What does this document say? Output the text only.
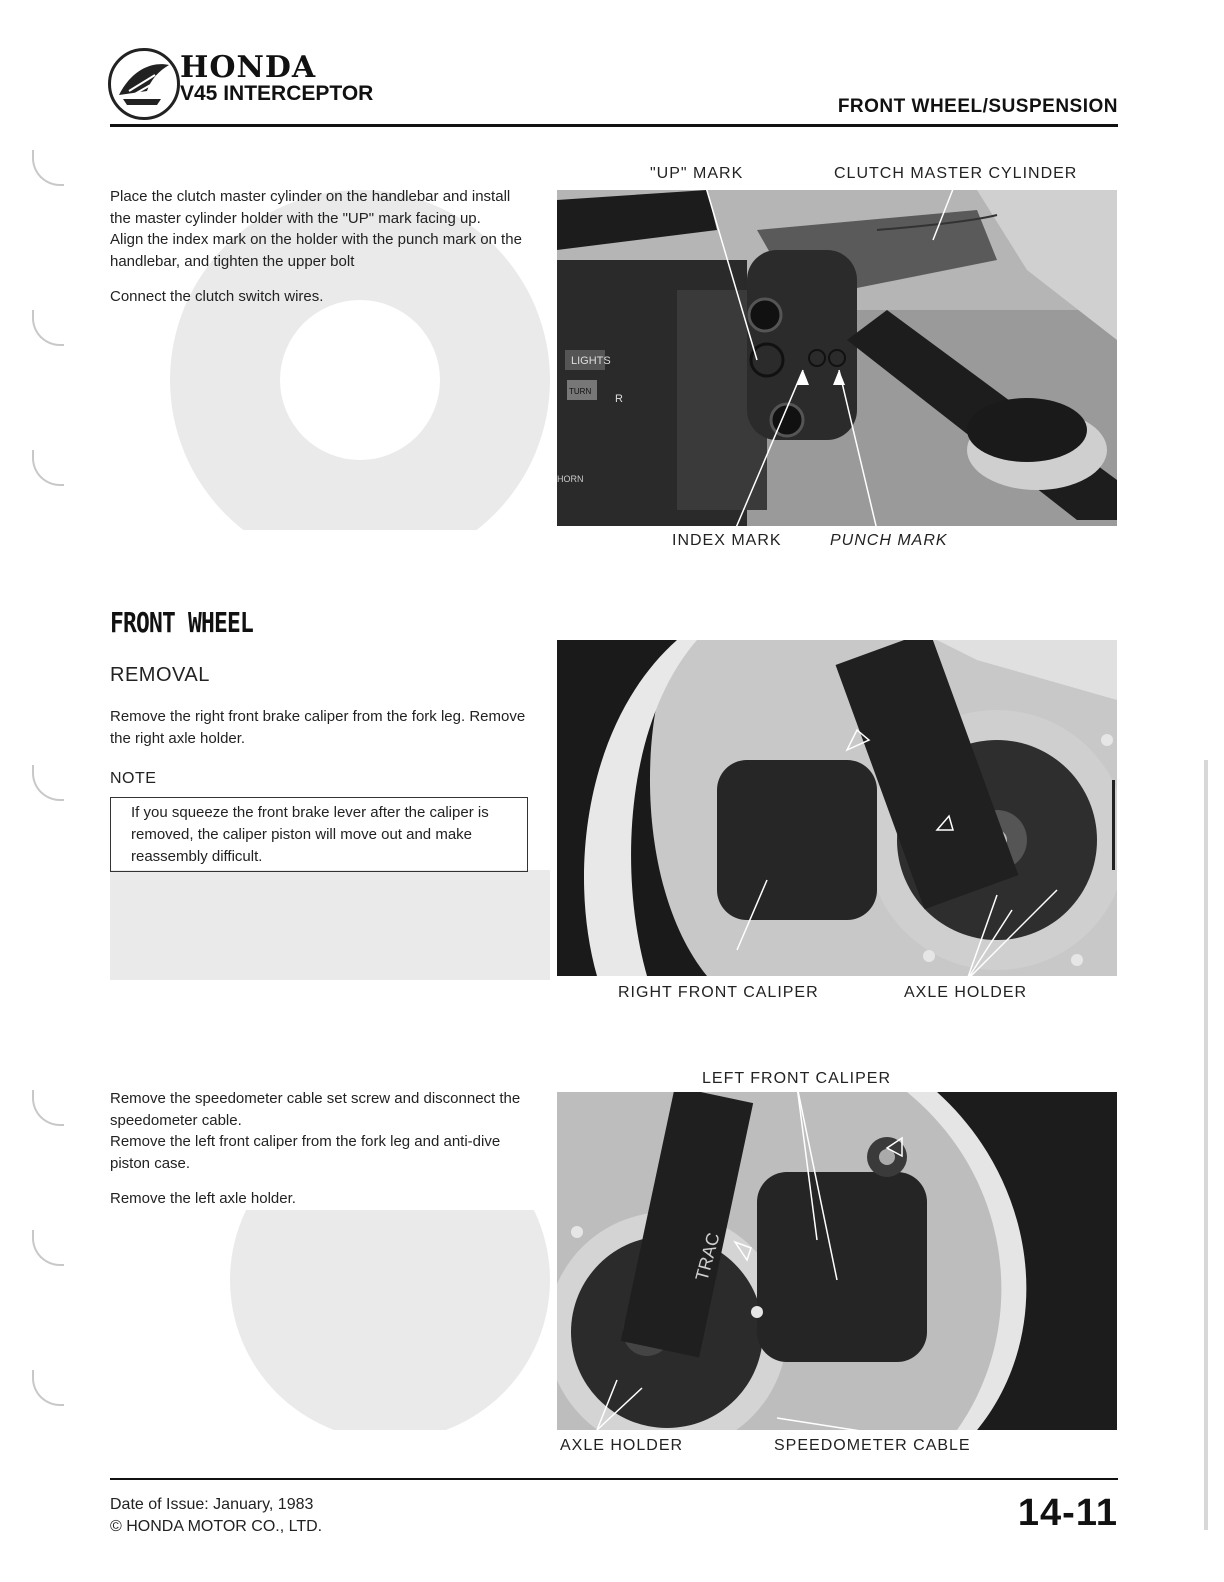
HONDA
V45 INTERCEPTOR
FRONT WHEEL/SUSPENSION

Place the clutch master cylinder on the handlebar and install the master cylinder holder with the "UP" mark facing up.

Align the index mark on the holder with the punch mark on the handlebar, and tighten the upper bolt

Connect the clutch switch wires.

"UP" MARK	CLUTCH MASTER CYLINDER
LIGHTS
TURN
R
HORN
INDEX MARK	PUNCH MARK
FRONT WHEEL
REMOVAL
Remove the right front brake caliper from the fork leg. Remove the right axle holder.
NOTE
If you squeeze the front brake lever after the caliper is removed, the caliper piston will move out and make reassembly difficult.
RIGHT FRONT CALIPER	AXLE HOLDER

Remove the speedometer cable set screw and disconnect the speedometer cable.

Remove the left front caliper from the fork leg and anti-dive piston case.

Remove the left axle holder.

LEFT FRONT CALIPER
TRAC
AXLE HOLDER	SPEEDOMETER CABLE
Date of Issue: January, 1983
© HONDA MOTOR CO., LTD.	14-11
